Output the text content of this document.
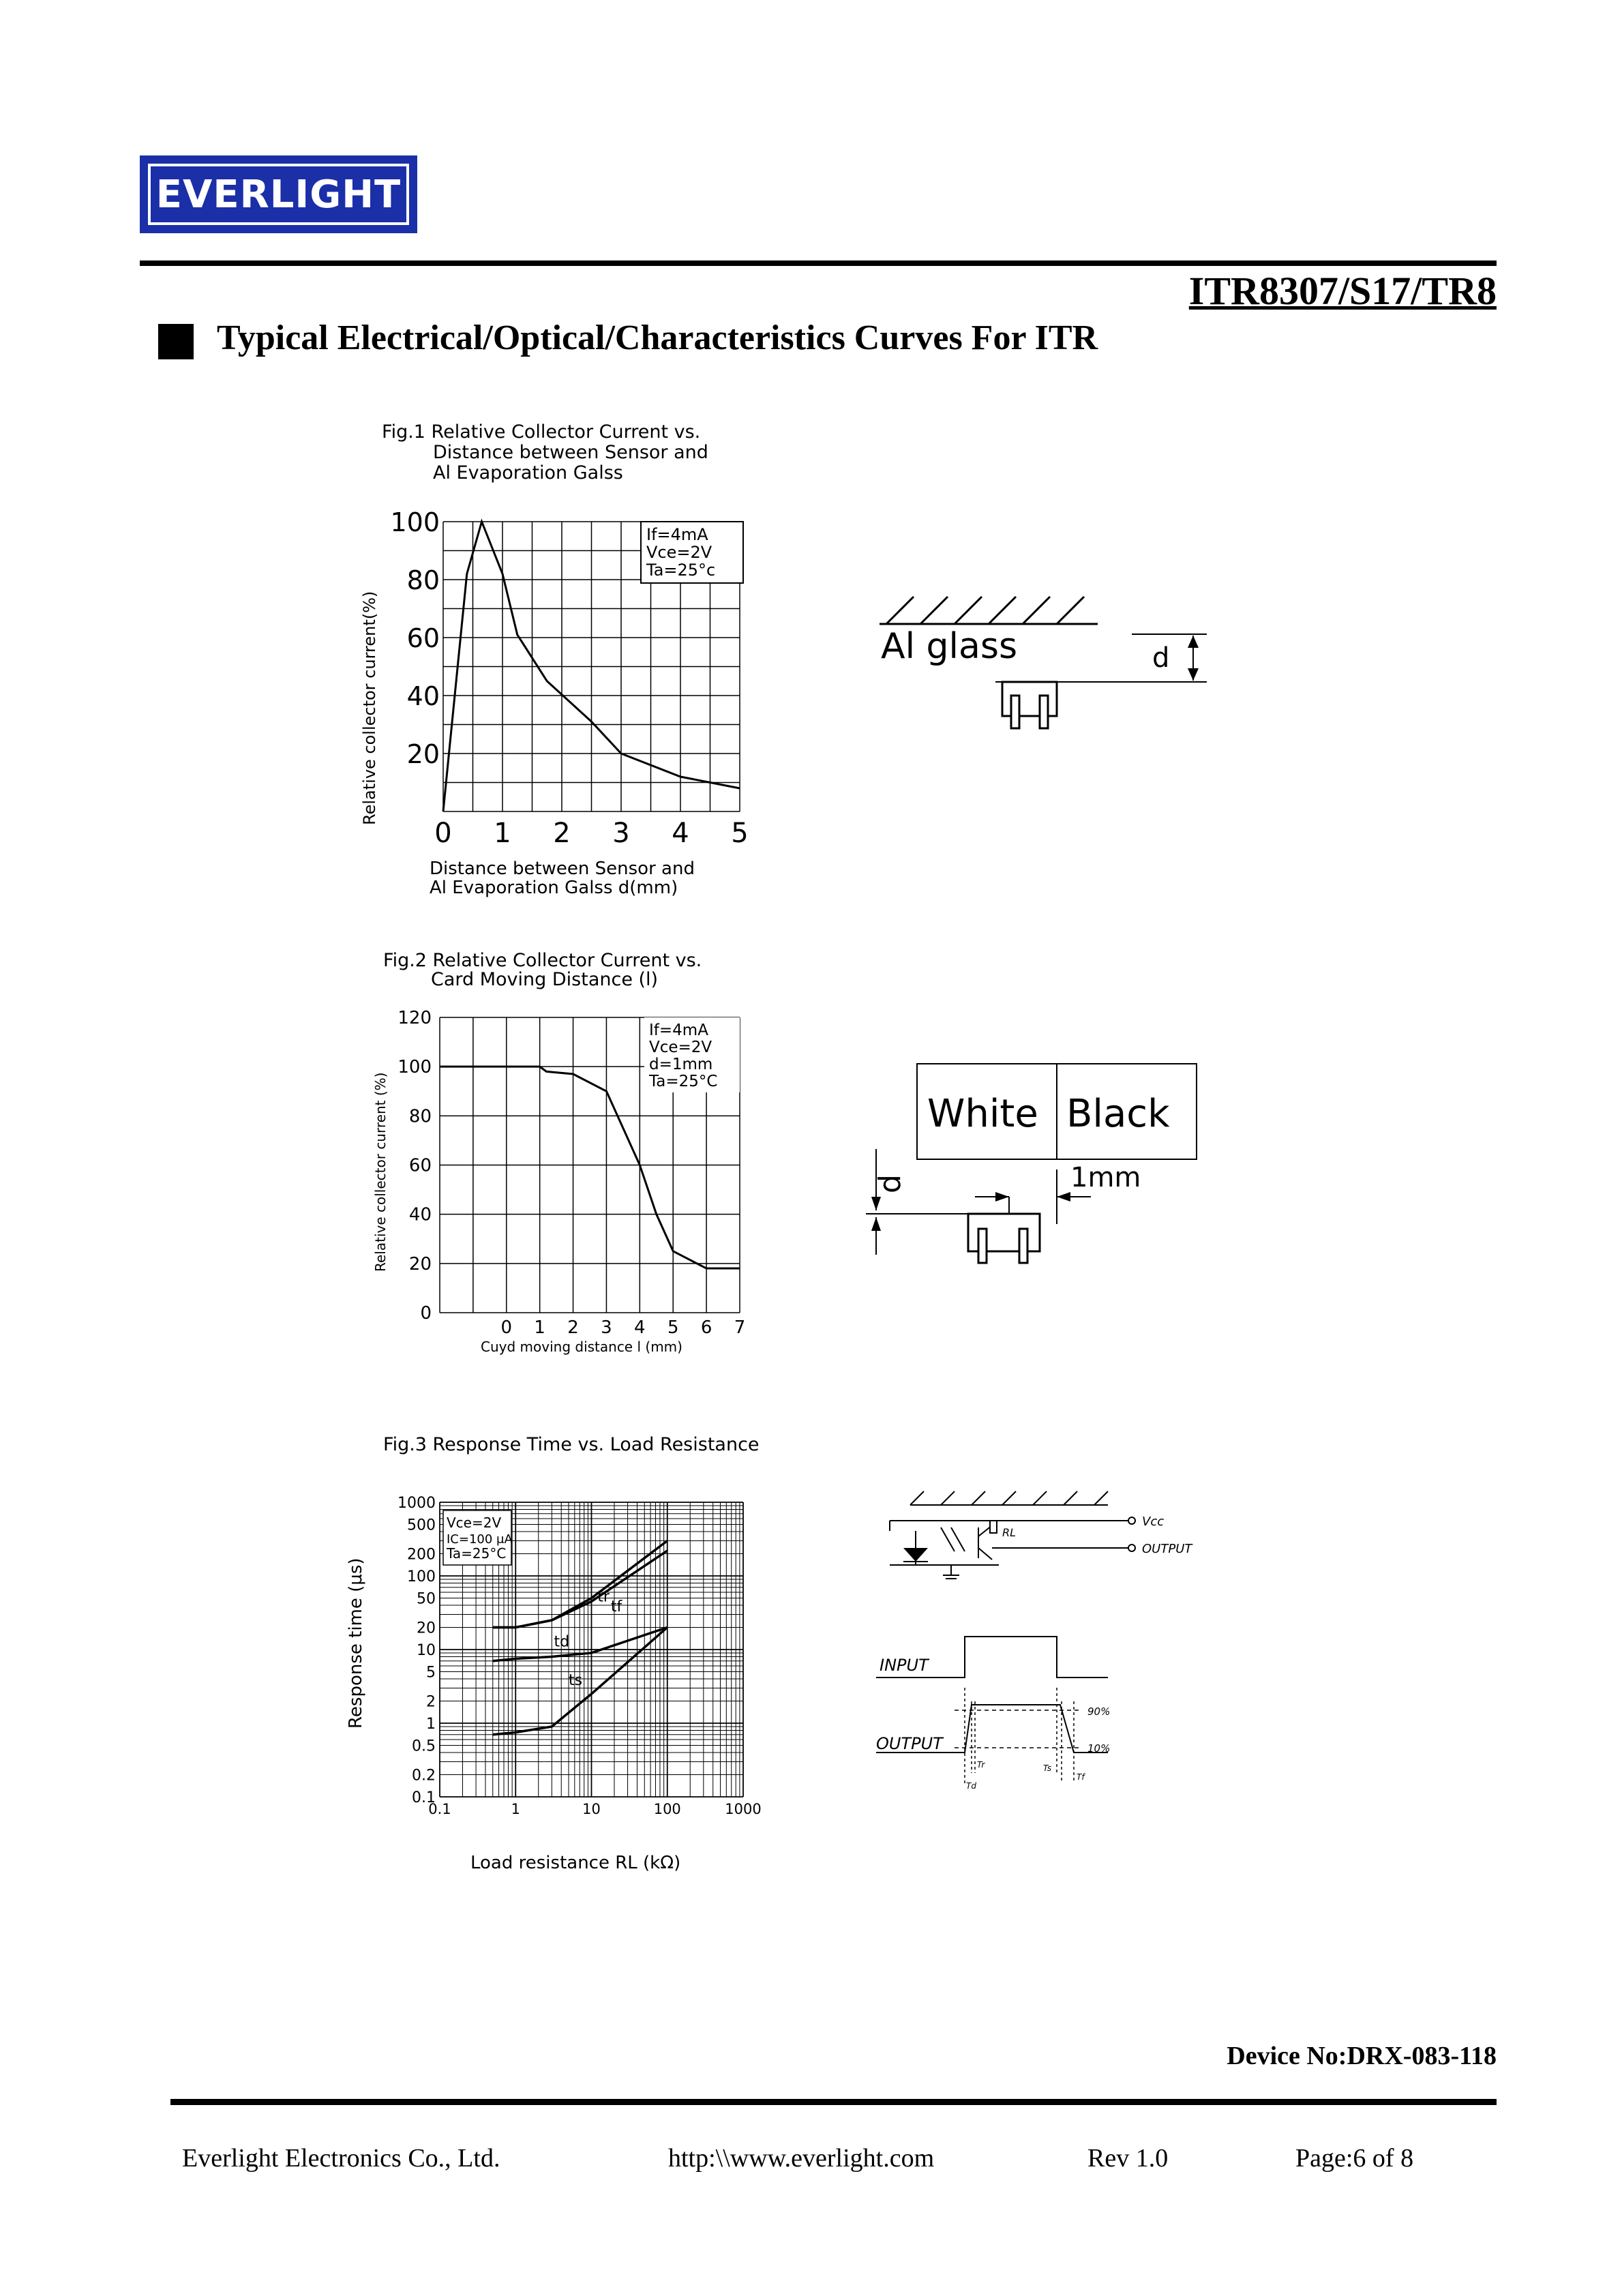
EVERLIGHT
ITR8307/S17/TR8
Typical Electrical/Optical/Characteristics Curves For ITR
Fig.1 Relative Collector Current vs.
Distance between Sensor and
Al Evaporation Galss
If=4mA
Vce=2V
Ta=25°c
0 1 2 3 4 5
20
40
60
80
100
Relative collector current(%)
Distance between Sensor and
Al Evaporation Galss d(mm)
Al glass	d
Fig.2 Relative Collector Current vs.
Card Moving Distance (l)
If=4mA
Vce=2V
d=1mm
Ta=25°C
0 1 2 3 4 5 6 7
0
20
40
60
80
100
120
Relative collector current (%)
Cuyd moving distance l (mm)
White Black
d	1mm
Fig.3 Response Time vs. Load Resistance
Vce=2V
IC=100 μA
Ta=25°C
0.1	1	10	100	1000
0.1
0.2
0.5
1
2
5
10
20
50
100
200
500
1000
tr
tf
td
ts
Response time (μs)
Load resistance RL (kΩ)
Vcc
RL
OUTPUT
INPUT
OUTPUT
90%
10%
Tr
Td
Ts
Tf
Device No:DRX-083-118
Everlight Electronics Co., Ltd.	http:\\www.everlight.com	Rev 1.0	Page:6 of 8
